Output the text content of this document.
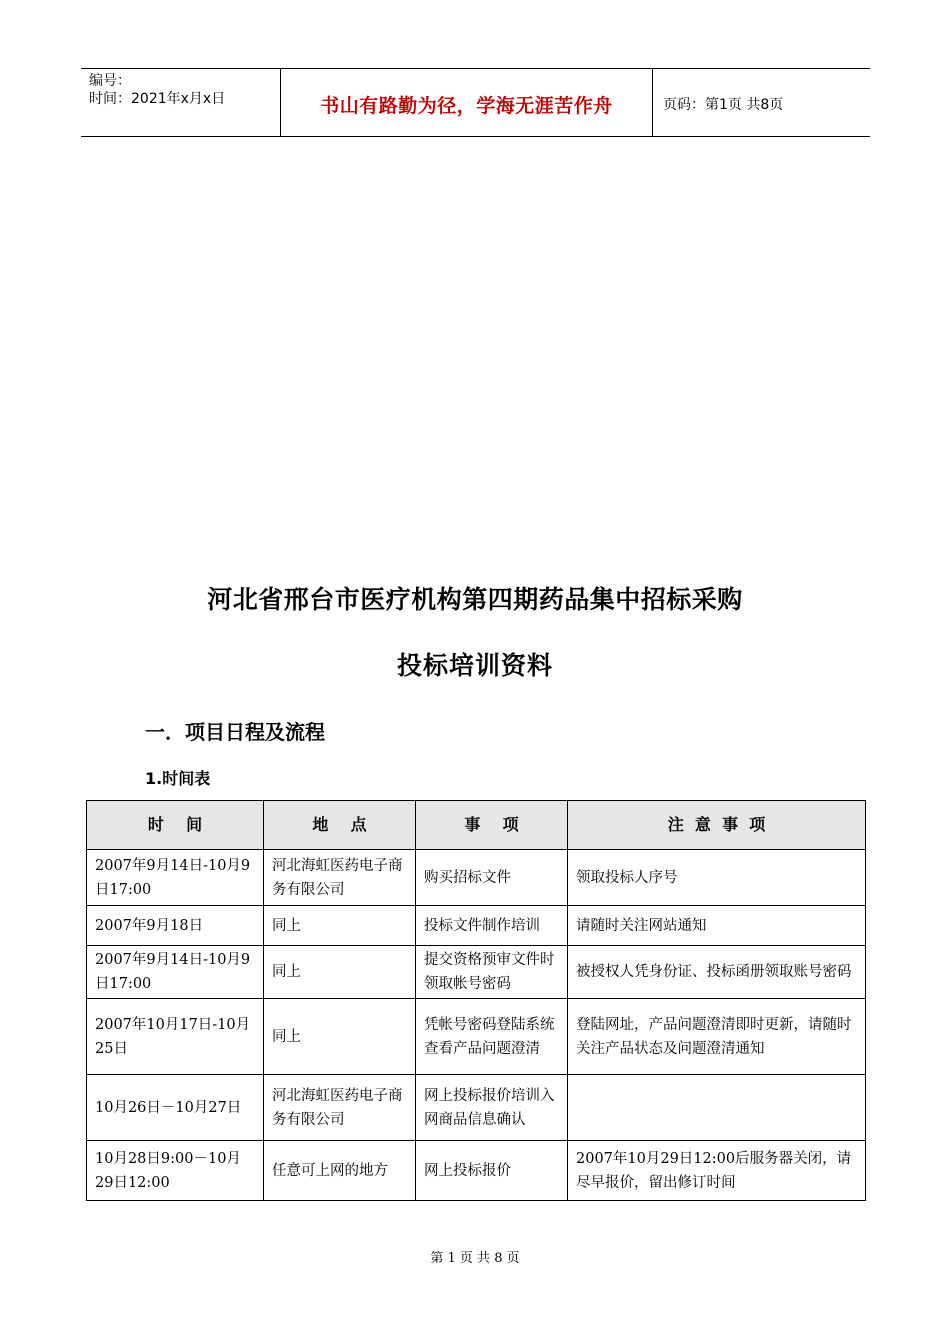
编号：
时间：2021年x月x日	书山有路勤为径，学海无涯苦作舟	页码：第1页 共8页
河北省邢台市医疗机构第四期药品集中招标采购
投标培训资料
一．项目日程及流程
1.时间表
时    间	地    点	事    项	注  意  事  项
2007年9月14日-10月9日17:00	河北海虹医药电子商务有限公司	购买招标文件	领取投标人序号
2007年9月18日	同上	投标文件制作培训	请随时关注网站通知
2007年9月14日-10月9日17:00	同上	提交资格预审文件时领取帐号密码	被授权人凭身份证、投标函册领取账号密码
2007年10月17日-10月25日	同上	凭帐号密码登陆系统查看产品问题澄清	登陆网址，产品问题澄清即时更新，请随时关注产品状态及问题澄清通知
10月26日－10月27日	河北海虹医药电子商务有限公司	网上投标报价培训入网商品信息确认	
10月28日9:00－10月29日12:00	任意可上网的地方	网上投标报价	2007年10月29日12:00后服务器关闭，请尽早报价，留出修订时间
第 1 页 共 8 页
